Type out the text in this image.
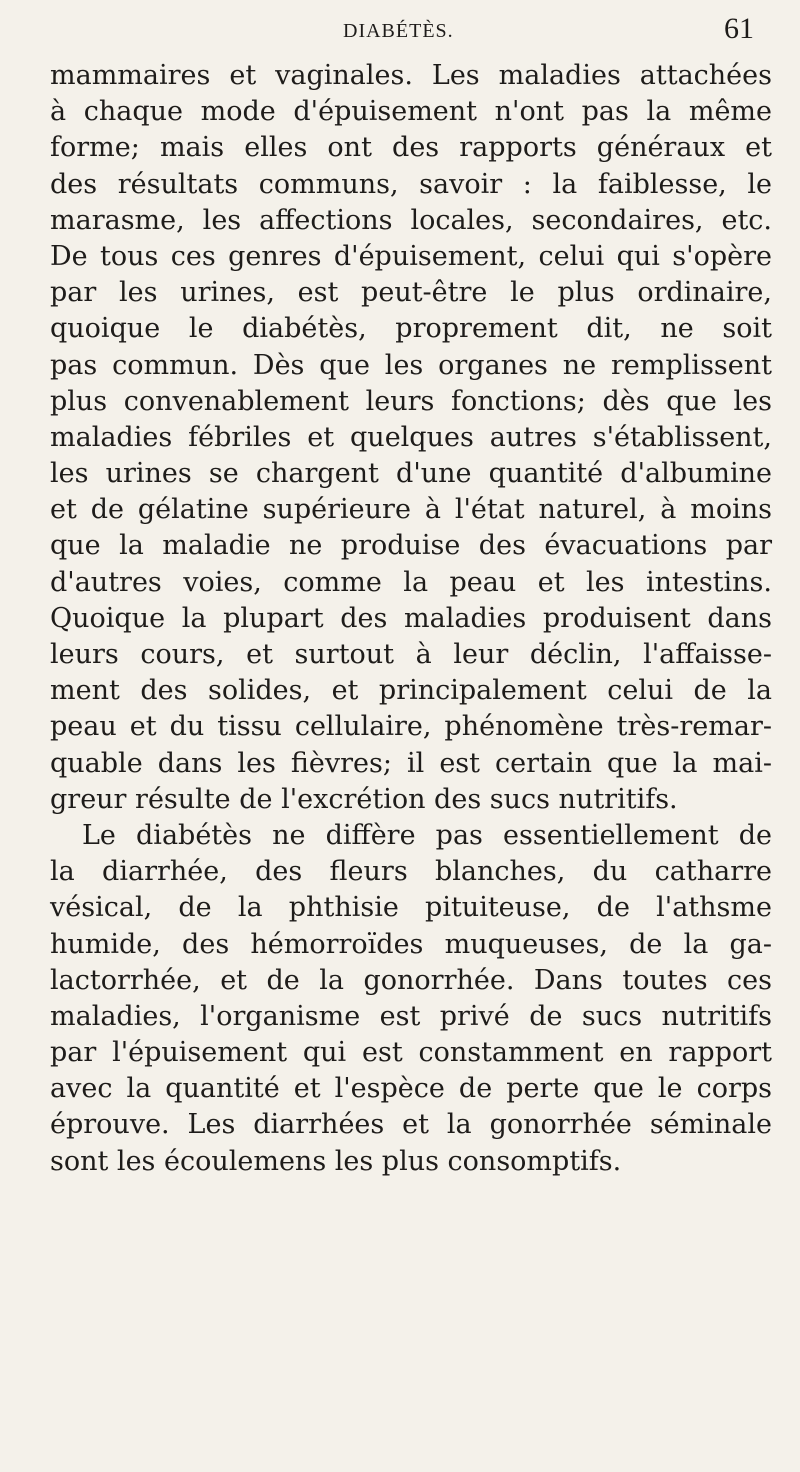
DIABÉTÈS.	61
mammaires et vaginales. Les maladies attachées
à chaque mode d'épuisement n'ont pas la même
forme; mais elles ont des rapports généraux et
des résultats communs, savoir : la faiblesse, le
marasme, les affections locales, secondaires, etc.
De tous ces genres d'épuisement, celui qui s'opère
par les urines, est peut-être le plus ordinaire,
quoique le diabétès, proprement dit, ne soit
pas commun. Dès que les organes ne remplissent
plus convenablement leurs fonctions; dès que les
maladies fébriles et quelques autres s'établissent,
les urines se chargent d'une quantité d'albumine
et de gélatine supérieure à l'état naturel, à moins
que la maladie ne produise des évacuations par
d'autres voies, comme la peau et les intestins.
Quoique la plupart des maladies produisent dans
leurs cours, et surtout à leur déclin, l'affaisse-
ment des solides, et principalement celui de la
peau et du tissu cellulaire, phénomène très-remar-
quable dans les fièvres; il est certain que la mai-
greur résulte de l'excrétion des sucs nutritifs.
Le diabétès ne diffère pas essentiellement de
la diarrhée, des fleurs blanches, du catharre
vésical, de la phthisie pituiteuse, de l'athsme
humide, des hémorroïdes muqueuses, de la ga-
lactorrhée, et de la gonorrhée. Dans toutes ces
maladies, l'organisme est privé de sucs nutritifs
par l'épuisement qui est constamment en rapport
avec la quantité et l'espèce de perte que le corps
éprouve. Les diarrhées et la gonorrhée séminale
sont les écoulemens les plus consomptifs.
